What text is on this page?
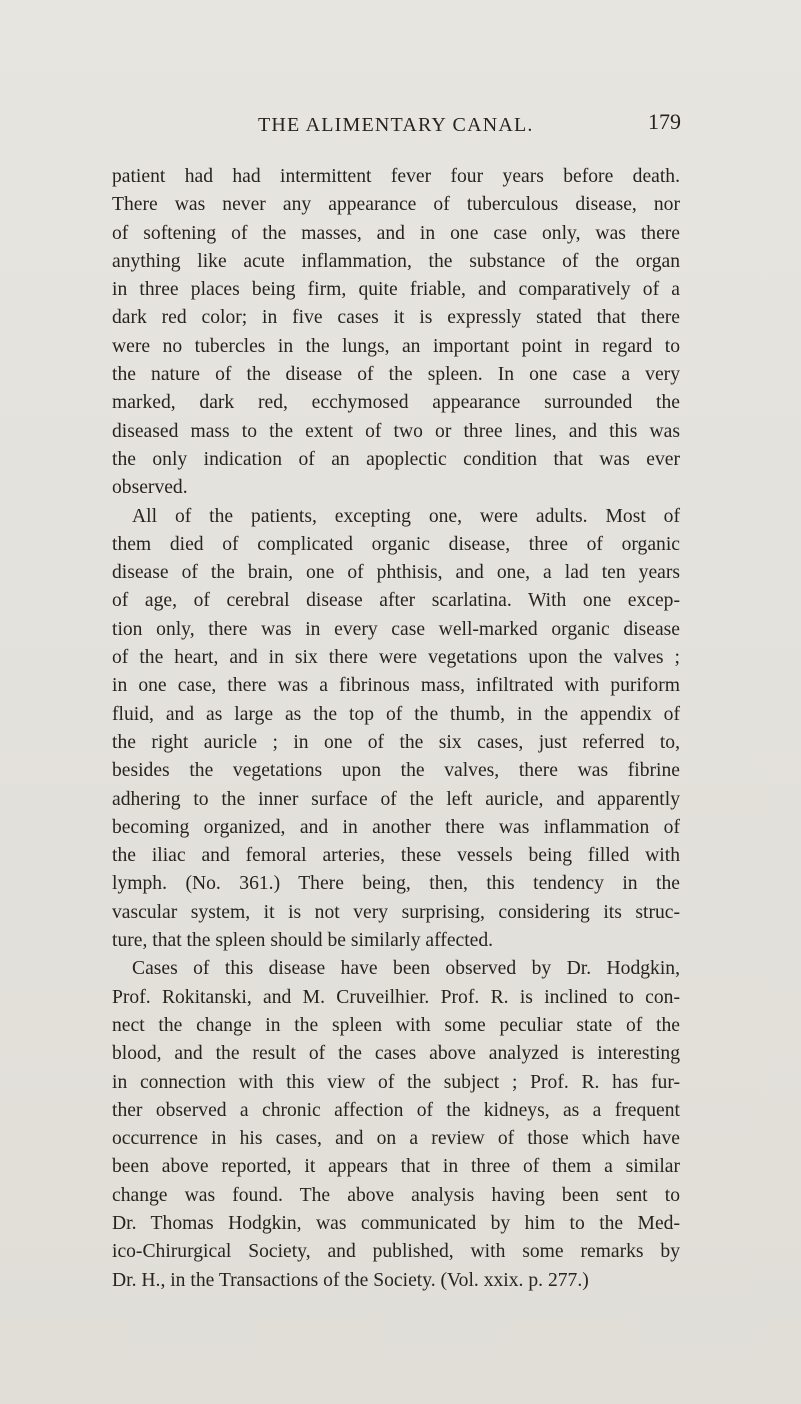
THE ALIMENTARY CANAL.	179
patient had had intermittent fever four years before death.
There was never any appearance of tuberculous disease, nor
of softening of the masses, and in one case only, was there
anything like acute inflammation, the substance of the organ
in three places being firm, quite friable, and comparatively of a
dark red color; in five cases it is expressly stated that there
were no tubercles in the lungs, an important point in regard to
the nature of the disease of the spleen. In one case a very
marked, dark red, ecchymosed appearance surrounded the
diseased mass to the extent of two or three lines, and this was
the only indication of an apoplectic condition that was ever
observed.
All of the patients, excepting one, were adults. Most of
them died of complicated organic disease, three of organic
disease of the brain, one of phthisis, and one, a lad ten years
of age, of cerebral disease after scarlatina. With one excep-
tion only, there was in every case well-marked organic disease
of the heart, and in six there were vegetations upon the valves ;
in one case, there was a fibrinous mass, infiltrated with puriform
fluid, and as large as the top of the thumb, in the appendix of
the right auricle ; in one of the six cases, just referred to,
besides the vegetations upon the valves, there was fibrine
adhering to the inner surface of the left auricle, and apparently
becoming organized, and in another there was inflammation of
the iliac and femoral arteries, these vessels being filled with
lymph. (No. 361.) There being, then, this tendency in the
vascular system, it is not very surprising, considering its struc-
ture, that the spleen should be similarly affected.
Cases of this disease have been observed by Dr. Hodgkin,
Prof. Rokitanski, and M. Cruveilhier. Prof. R. is inclined to con-
nect the change in the spleen with some peculiar state of the
blood, and the result of the cases above analyzed is interesting
in connection with this view of the subject ; Prof. R. has fur-
ther observed a chronic affection of the kidneys, as a frequent
occurrence in his cases, and on a review of those which have
been above reported, it appears that in three of them a similar
change was found. The above analysis having been sent to
Dr. Thomas Hodgkin, was communicated by him to the Med-
ico-Chirurgical Society, and published, with some remarks by
Dr. H., in the Transactions of the Society. (Vol. xxix. p. 277.)
